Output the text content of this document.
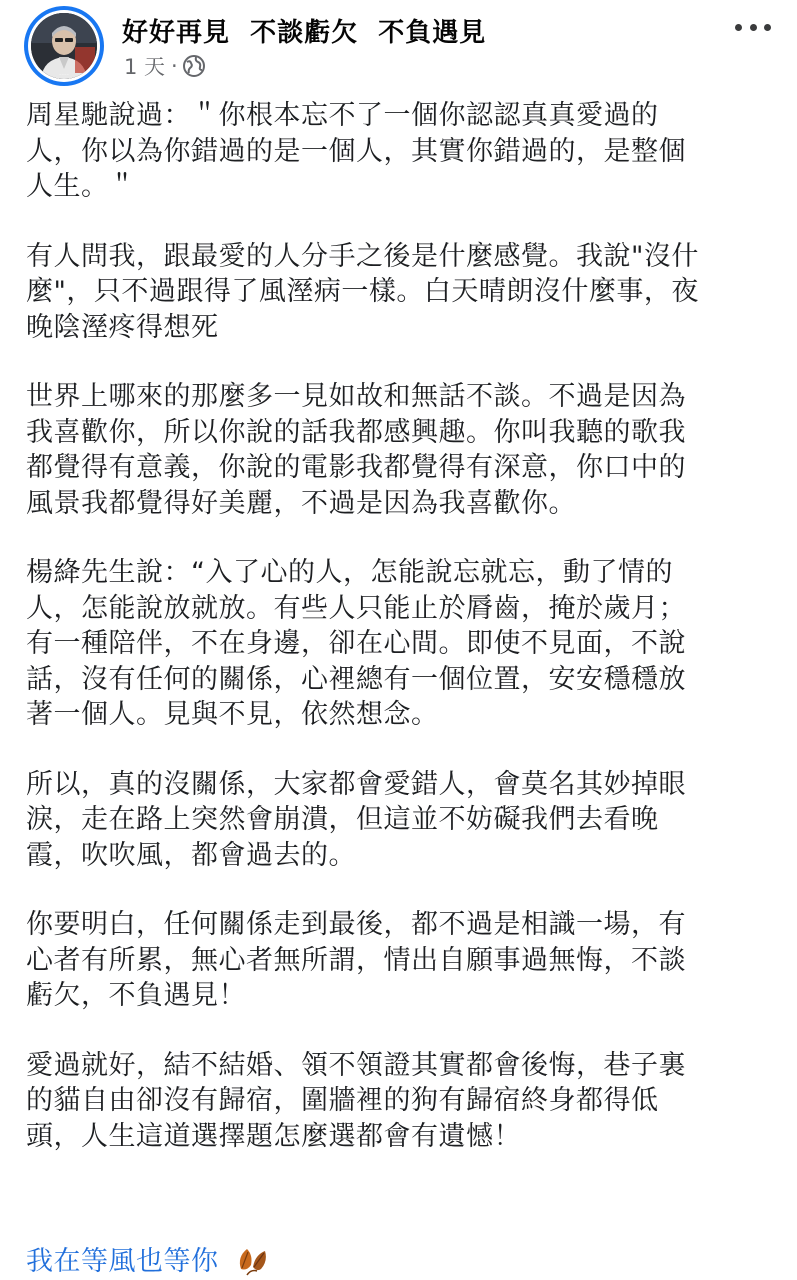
~~~~
好好再見  不談虧欠  不負遇見
1 天 ·
周星馳說過：＂你根本忘不了一個你認認真真愛過的
人，你以為你錯過的是一個人，其實你錯過的，是整個
人生。＂
有人問我，跟最愛的人分手之後是什麼感覺。我說"沒什
麼"，只不過跟得了風溼病一樣。白天晴朗沒什麼事，夜
晚陰溼疼得想死
世界上哪來的那麼多一見如故和無話不談。不過是因為
我喜歡你，所以你說的話我都感興趣。你叫我聽的歌我
都覺得有意義，你說的電影我都覺得有深意，你口中的
風景我都覺得好美麗，不過是因為我喜歡你。
楊絳先生說：“入了心的人，怎能說忘就忘，動了情的
人，怎能說放就放。有些人只能止於脣齒，掩於歲月；
有一種陪伴，不在身邊，卻在心間。即使不見面，不說
話，沒有任何的關係，心裡總有一個位置，安安穩穩放
著一個人。見與不見，依然想念。
所以，真的沒關係，大家都會愛錯人，會莫名其妙掉眼
淚，走在路上突然會崩潰，但這並不妨礙我們去看晚
霞，吹吹風，都會過去的。
你要明白，任何關係走到最後，都不過是相識一場，有
心者有所累，無心者無所謂，情出自願事過無悔，不談
虧欠，不負遇見！
愛過就好，結不結婚、領不領證其實都會後悔，巷子裏
的貓自由卻沒有歸宿，圍牆裡的狗有歸宿終身都得低
頭，人生這道選擇題怎麼選都會有遺憾！
我在等風也等你
